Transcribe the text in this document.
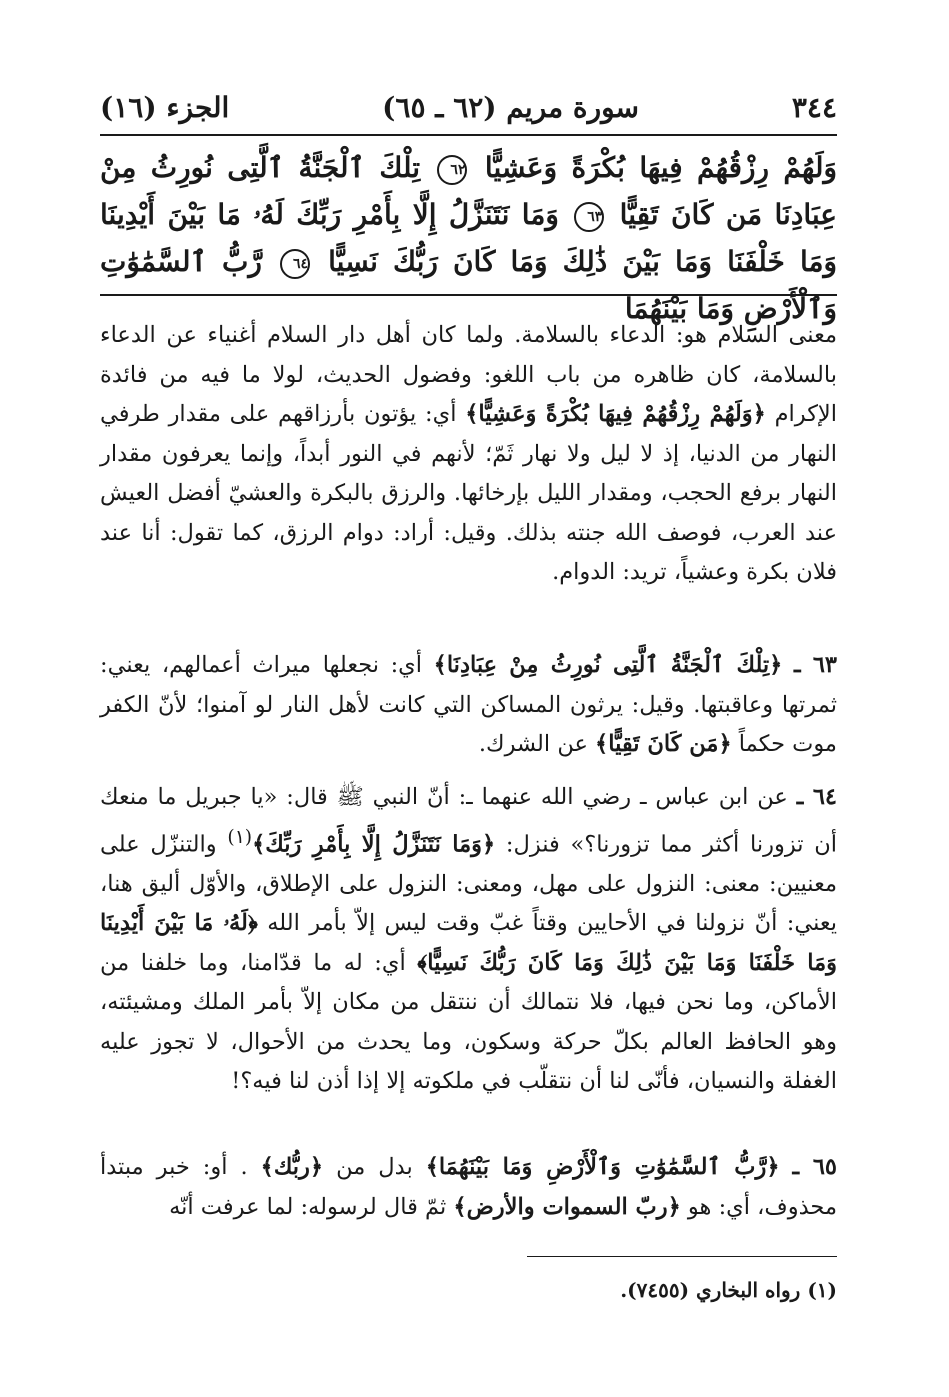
٣٤٤
سورة مريم (٦٢ ـ ٦٥)
الجزء (١٦)
وَلَهُمْ رِزْقُهُمْ فِيهَا بُكْرَةً وَعَشِيًّا ٦٢ تِلْكَ ٱلْجَنَّةُ ٱلَّتِى نُورِثُ مِنْ عِبَادِنَا مَن كَانَ تَقِيًّا ٦٣ وَمَا نَتَنَزَّلُ إِلَّا بِأَمْرِ رَبِّكَ لَهُۥ مَا بَيْنَ أَيْدِينَا وَمَا خَلْفَنَا وَمَا بَيْنَ ذَٰلِكَ وَمَا كَانَ رَبُّكَ نَسِيًّا ٦٤ رَّبُّ ٱلسَّمَٰوَٰتِ وَٱلْأَرْضِ وَمَا بَيْنَهُمَا
معنى السلام هو: الدعاء بالسلامة. ولما كان أهل دار السلام أغنياء عن الدعاء بالسلامة، كان ظاهره من باب اللغو: وفضول الحديث، لولا ما فيه من فائدة الإكرام ﴿وَلَهُمْ رِزْقُهُمْ فِيهَا بُكْرَةً وَعَشِيًّا﴾ أي: يؤتون بأرزاقهم على مقدار طرفي النهار من الدنيا، إذ لا ليل ولا نهار ثَمّ؛ لأنهم في النور أبداً، وإنما يعرفون مقدار النهار برفع الحجب، ومقدار الليل بإرخائها. والرزق بالبكرة والعشيّ أفضل العيش عند العرب، فوصف الله جنته بذلك. وقيل: أراد: دوام الرزق، كما تقول: أنا عند فلان بكرة وعشياً، تريد: الدوام.
٦٣ ـ ﴿تِلْكَ ٱلْجَنَّةُ ٱلَّتِى نُورِثُ مِنْ عِبَادِنَا﴾ أي: نجعلها ميراث أعمالهم، يعني: ثمرتها وعاقبتها. وقيل: يرثون المساكن التي كانت لأهل النار لو آمنوا؛ لأنّ الكفر موت حكماً ﴿مَن كَانَ تَقِيًّا﴾ عن الشرك.
٦٤ ـ عن ابن عباس ـ رضي الله عنهما ـ: أنّ النبي ﷺ قال: «يا جبريل ما منعك أن تزورنا أكثر مما تزورنا؟» فنزل: ﴿وَمَا نَتَنَزَّلُ إِلَّا بِأَمْرِ رَبِّكَ﴾$^{(١)}$ والتنزّل على معنيين: معنى: النزول على مهل، ومعنى: النزول على الإطلاق، والأوّل أليق هنا، يعني: أنّ نزولنا في الأحايين وقتاً غبّ وقت ليس إلاّ بأمر الله ﴿لَهُۥ مَا بَيْنَ أَيْدِينَا وَمَا خَلْفَنَا وَمَا بَيْنَ ذَٰلِكَ وَمَا كَانَ رَبُّكَ نَسِيًّا﴾ أي: له ما قدّامنا، وما خلفنا من الأماكن، وما نحن فيها، فلا نتمالك أن ننتقل من مكان إلاّ بأمر الملك ومشيئته، وهو الحافظ العالم بكلّ حركة وسكون، وما يحدث من الأحوال، لا تجوز عليه الغفلة والنسيان، فأنّى لنا أن نتقلّب في ملكوته إلا إذا أذن لنا فيه؟!
٦٥ ـ ﴿رَّبُّ ٱلسَّمَٰوَٰتِ وَٱلْأَرْضِ وَمَا بَيْنَهُمَا﴾ بدل من ﴿ربُّك﴾ . أو: خبر مبتدأ محذوف، أي: هو ﴿ربّ السموات والأرض﴾ ثمّ قال لرسوله: لما عرفت أنّه
(١) رواه البخاري (٧٤٥٥).
